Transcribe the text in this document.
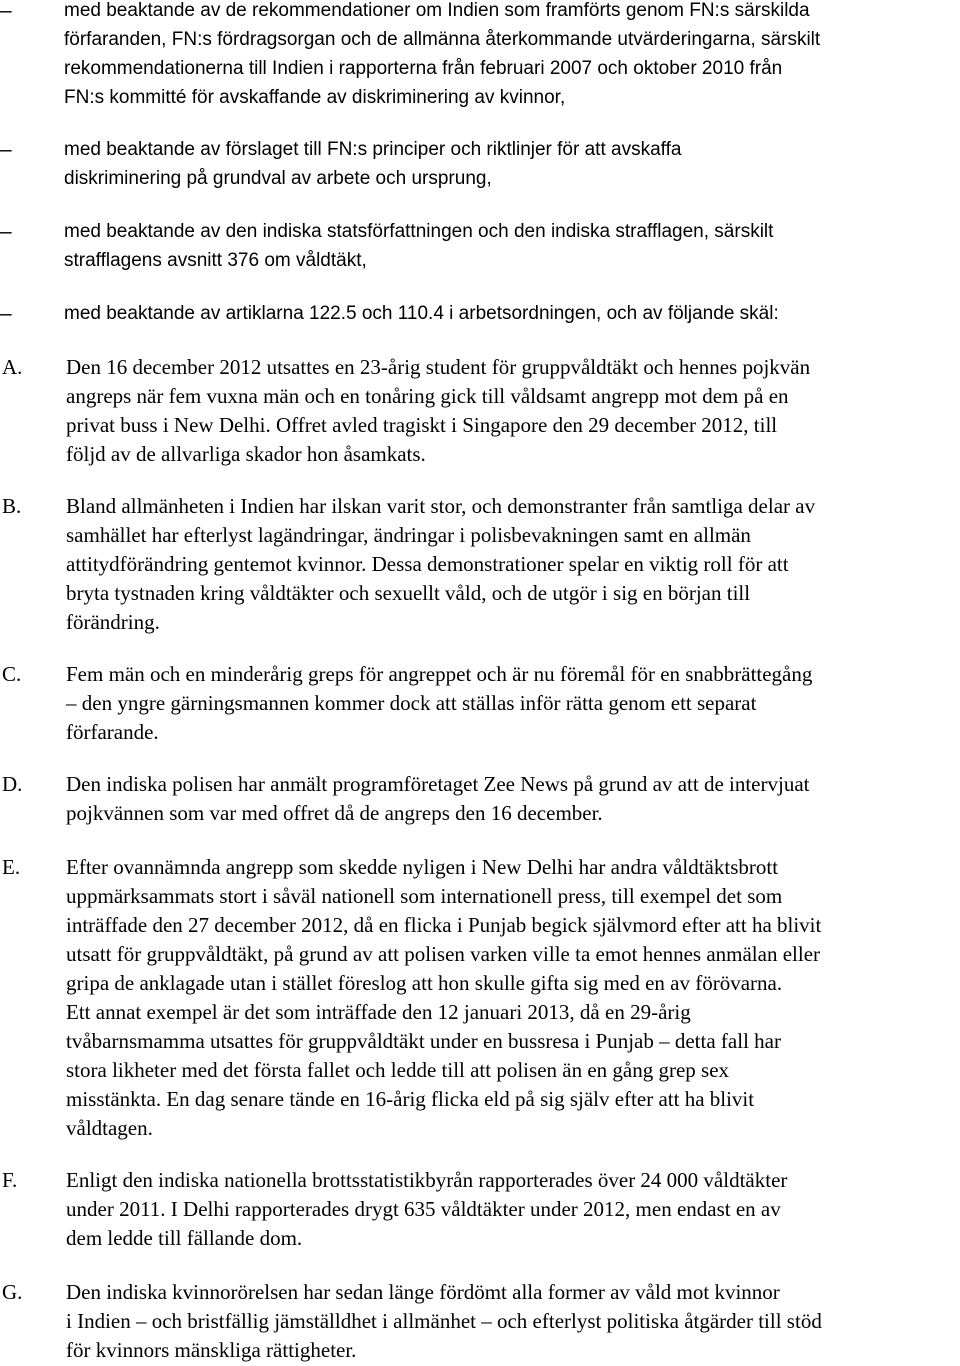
–	med beaktande av de rekommendationer om Indien som framförts genom FN:s särskilda
förfaranden, FN:s fördragsorgan och de allmänna återkommande utvärderingarna, särskilt
rekommendationerna till Indien i rapporterna från februari 2007 och oktober 2010 från
FN:s kommitté för avskaffande av diskriminering av kvinnor,
–	med beaktande av förslaget till FN:s principer och riktlinjer för att avskaffa
diskriminering på grundval av arbete och ursprung,
–	med beaktande av den indiska statsförfattningen och den indiska strafflagen, särskilt
strafflagens avsnitt 376 om våldtäkt,
–	med beaktande av artiklarna 122.5 och 110.4 i arbetsordningen, och av följande skäl:
A.	Den 16 december 2012 utsattes en 23-årig student för gruppvåldtäkt och hennes pojkvän
angreps när fem vuxna män och en tonåring gick till våldsamt angrepp mot dem på en
privat buss i New Delhi. Offret avled tragiskt i Singapore den 29 december 2012, till
följd av de allvarliga skador hon åsamkats.
B.	Bland allmänheten i Indien har ilskan varit stor, och demonstranter från samtliga delar av
samhället har efterlyst lagändringar, ändringar i polisbevakningen samt en allmän
attitydförändring gentemot kvinnor. Dessa demonstrationer spelar en viktig roll för att
bryta tystnaden kring våldtäkter och sexuellt våld, och de utgör i sig en början till
förändring.
C.	Fem män och en minderårig greps för angreppet och är nu föremål för en snabbrättegång
– den yngre gärningsmannen kommer dock att ställas inför rätta genom ett separat
förfarande.
D.	Den indiska polisen har anmält programföretaget Zee News på grund av att de intervjuat
pojkvännen som var med offret då de angreps den 16 december.
E.	Efter ovannämnda angrepp som skedde nyligen i New Delhi har andra våldtäktsbrott
uppmärksammats stort i såväl nationell som internationell press, till exempel det som
inträffade den 27 december 2012, då en flicka i Punjab begick självmord efter att ha blivit
utsatt för gruppvåldtäkt, på grund av att polisen varken ville ta emot hennes anmälan eller
gripa de anklagade utan i stället föreslog att hon skulle gifta sig med en av förövarna.
Ett annat exempel är det som inträffade den 12 januari 2013, då en 29-årig
tvåbarnsmamma utsattes för gruppvåldtäkt under en bussresa i Punjab – detta fall har
stora likheter med det första fallet och ledde till att polisen än en gång grep sex
misstänkta. En dag senare tände en 16-årig flicka eld på sig själv efter att ha blivit
våldtagen.
F.	Enligt den indiska nationella brottsstatistikbyrån rapporterades över 24 000 våldtäkter
under 2011. I Delhi rapporterades drygt 635 våldtäkter under 2012, men endast en av
dem ledde till fällande dom.
G.	Den indiska kvinnorörelsen har sedan länge fördömt alla former av våld mot kvinnor
i Indien – och bristfällig jämställdhet i allmänhet – och efterlyst politiska åtgärder till stöd
för kvinnors mänskliga rättigheter.
